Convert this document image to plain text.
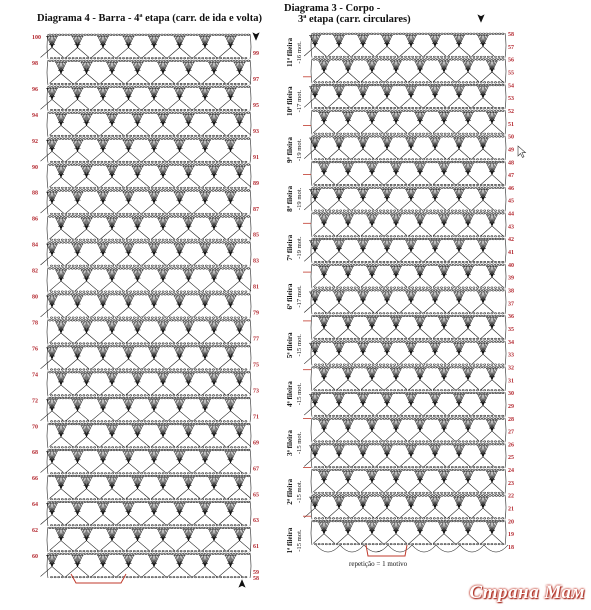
Diagrama 4 - Barra - 4ª etapa (carr. de ida e volta)
Diagrama 3 - Corpo -
3ª etapa (carr. circulares)
100
98
96
94
92
90
88
86
84
82
80
78
76
74
72
70
68
66
64
62
60
99
97
95
93
91
89
87
85
83
81
79
77
75
73
71
69
67
65
63
61
59
58
58
57
56
55
54
53
52
51
50
49
48
47
46
45
44
43
42
41
40
39
38
37
36
35
34
33
32
31
30
29
28
27
26
25
24
23
22
21
20
19
18
11ª fileira -16 mot.
10ª fileira -17 mot.
9ª fileira -19 mot.
8ª fileira -19 mot.
7ª fileira -19 mot.
6ª fileira -17 mot.
5ª fileira -15 mot.
4ª fileira -15 mot.
3ª fileira -15 mot.
2ª fileira -15 mot.
1ª fileira -15 mot.
repetição = 1 motivo
Страна Мам
